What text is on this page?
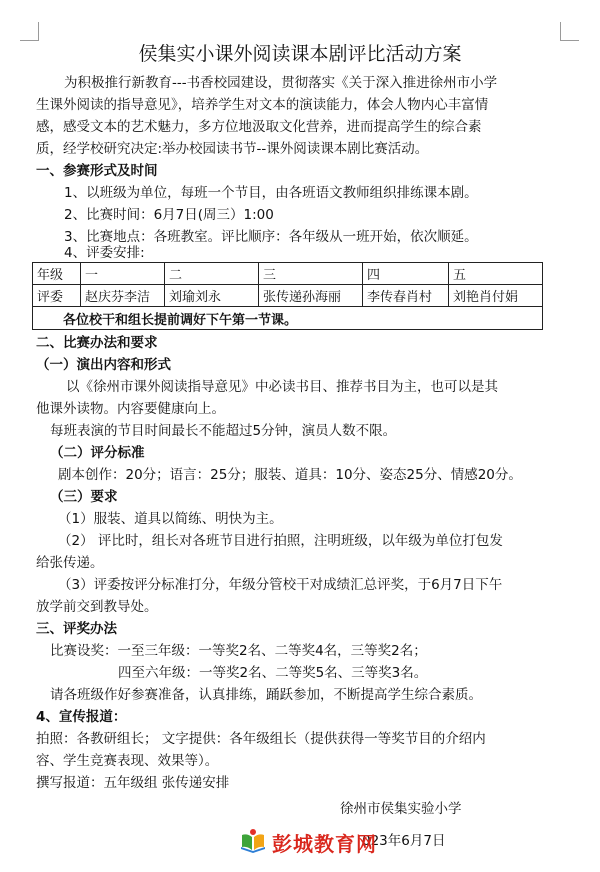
侯集实小课外阅读课本剧评比活动方案
为积极推行新教育---书香校园建设，贯彻落实《关于深入推进徐州市小学
生课外阅读的指导意见》，培养学生对文本的演读能力，体会人物内心丰富情
感，感受文本的艺术魅力，多方位地汲取文化营养，进而提高学生的综合素
质，经学校研究决定:举办校园读书节--课外阅读课本剧比赛活动。
一、参赛形式及时间
1、以班级为单位，每班一个节目，由各班语文教师组织排练课本剧。
2、比赛时间：6月7日(周三）1:00
3、比赛地点：各班教室。评比顺序：各年级从一班开始，依次顺延。
4、评委安排:
年级	一	二	三	四	五
评委	赵庆芬李洁	刘瑜刘永	张传递孙海丽	李传春肖村	刘艳肖付娟
各位校干和组长提前调好下午第一节课。					
二、比赛办法和要求
（一）演出内容和形式
以《徐州市课外阅读指导意见》中必读书目、推荐书目为主，也可以是其
他课外读物。内容要健康向上。
每班表演的节目时间最长不能超过5分钟，演员人数不限。
（二）评分标准
剧本创作：20分；语言：25分；服装、道具：10分、姿态25分、情感20分。
（三）要求
（1）服装、道具以简练、明快为主。
（2） 评比时，组长对各班节目进行拍照，注明班级，以年级为单位打包发
给张传递。
（3）评委按评分标准打分，年级分管校干对成绩汇总评奖，于6月7日下午
放学前交到教导处。
三、评奖办法
比赛设奖：一至三年级：一等奖2名、二等奖4名，三等奖2名；
四至六年级：一等奖2名、二等奖5名、三等奖3名。
请各班级作好参赛准备，认真排练，踊跃参加，不断提高学生综合素质。
4、宣传报道：
拍照：各教研组长； 文字提供：各年级组长（提供获得一等奖节目的介绍内
容、学生竞赛表现、效果等）。
撰写报道：五年级组 张传递安排
徐州市侯集实验小学
023年6月7日
彭城教育网
